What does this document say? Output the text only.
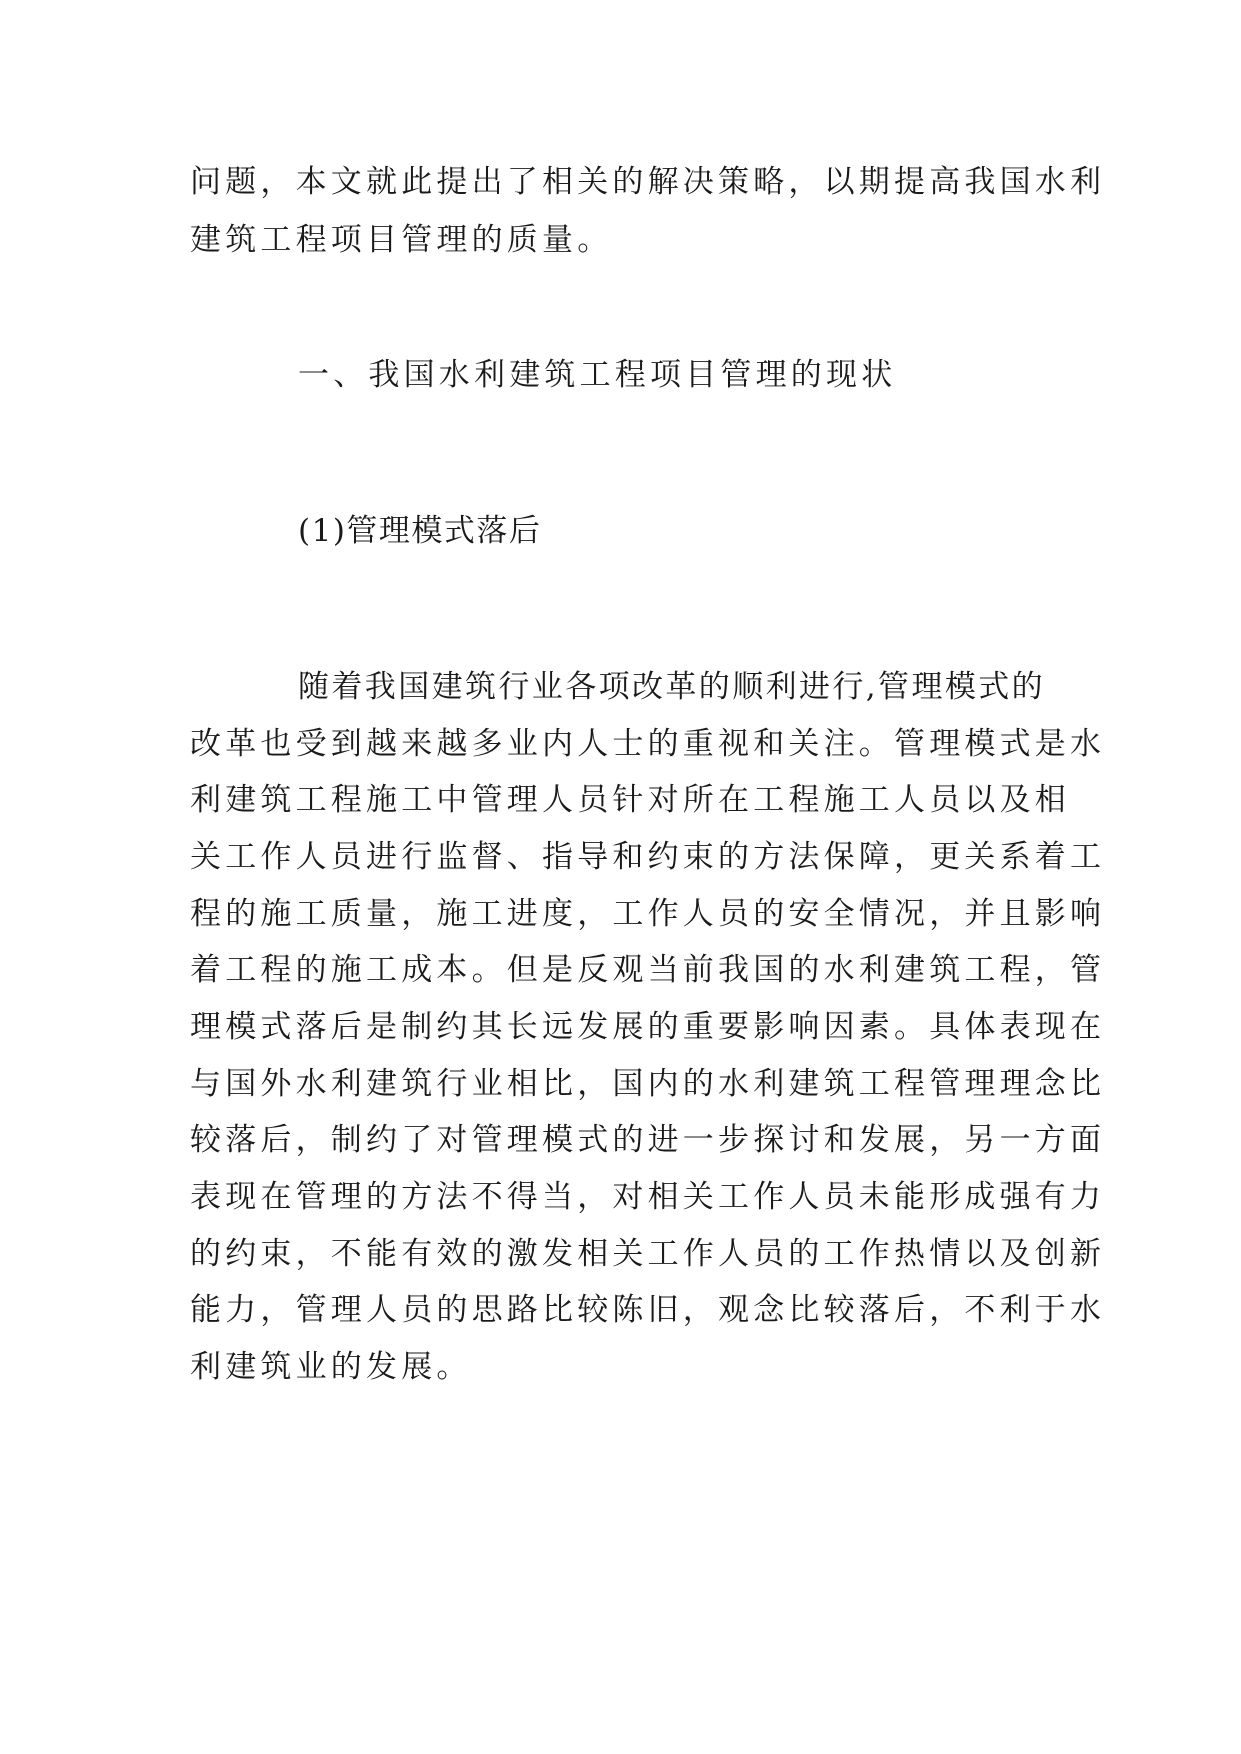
问题，本文就此提出了相关的解决策略，以期提高我国水利
建筑工程项目管理的质量。
一、我国水利建筑工程项目管理的现状
(1)管理模式落后
随着我国建筑行业各项改革的顺利进行,管理模式的
改革也受到越来越多业内人士的重视和关注。管理模式是水
利建筑工程施工中管理人员针对所在工程施工人员以及相
关工作人员进行监督、指导和约束的方法保障，更关系着工
程的施工质量，施工进度，工作人员的安全情况，并且影响
着工程的施工成本。但是反观当前我国的水利建筑工程，管
理模式落后是制约其长远发展的重要影响因素。具体表现在
与国外水利建筑行业相比，国内的水利建筑工程管理理念比
较落后，制约了对管理模式的进一步探讨和发展，另一方面
表现在管理的方法不得当，对相关工作人员未能形成强有力
的约束，不能有效的激发相关工作人员的工作热情以及创新
能力，管理人员的思路比较陈旧，观念比较落后，不利于水
利建筑业的发展。
